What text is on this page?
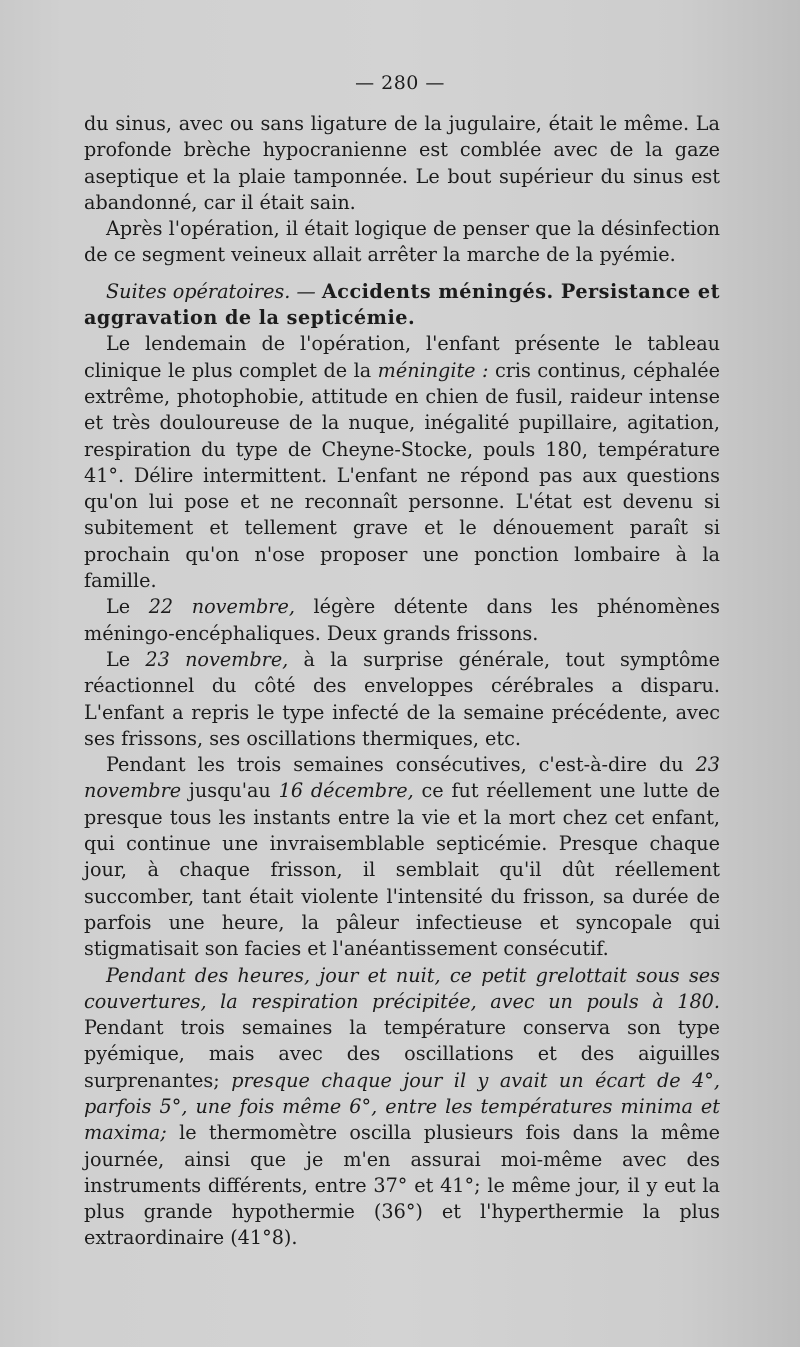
— 280 —

du sinus, avec ou sans ligature de la jugulaire, était le même. La profonde brèche hypocranienne est comblée avec de la gaze aseptique et la plaie tamponnée. Le bout supérieur du sinus est abandonné, car il était sain.

Après l'opération, il était logique de penser que la désinfection de ce segment veineux allait arrêter la marche de la pyémie.

Suites opératoires. — Accidents méningés. Persistance et aggravation de la septicémie.

Le lendemain de l'opération, l'enfant présente le tableau clinique le plus complet de la méningite : cris continus, céphalée extrême, photophobie, attitude en chien de fusil, raideur intense et très douloureuse de la nuque, inégalité pupillaire, agitation, respiration du type de Cheyne-Stocke, pouls 180, température 41°. Délire intermittent. L'enfant ne répond pas aux questions qu'on lui pose et ne reconnaît personne. L'état est devenu si subitement et tellement grave et le dénouement paraît si prochain qu'on n'ose proposer une ponction lombaire à la famille.

Le 22 novembre, légère détente dans les phénomènes méningo-encéphaliques. Deux grands frissons.

Le 23 novembre, à la surprise générale, tout symptôme réactionnel du côté des enveloppes cérébrales a disparu. L'enfant a repris le type infecté de la semaine précédente, avec ses frissons, ses oscillations thermiques, etc.

Pendant les trois semaines consécutives, c'est-à-dire du 23 novembre jusqu'au 16 décembre, ce fut réellement une lutte de presque tous les instants entre la vie et la mort chez cet enfant, qui continue une invraisemblable septicémie. Presque chaque jour, à chaque frisson, il semblait qu'il dût réellement succomber, tant était violente l'intensité du frisson, sa durée de parfois une heure, la pâleur infectieuse et syncopale qui stigmatisait son facies et l'anéantissement consécutif.

Pendant des heures, jour et nuit, ce petit grelottait sous ses couvertures, la respiration précipitée, avec un pouls à 180. Pendant trois semaines la température conserva son type pyémique, mais avec des oscillations et des aiguilles surprenantes; presque chaque jour il y avait un écart de 4°, parfois 5°, une fois même 6°, entre les températures minima et maxima; le thermomètre oscilla plusieurs fois dans la même journée, ainsi que je m'en assurai moi-même avec des instruments différents, entre 37° et 41°; le même jour, il y eut la plus grande hypothermie (36°) et l'hyperthermie la plus extraordinaire (41°8).
